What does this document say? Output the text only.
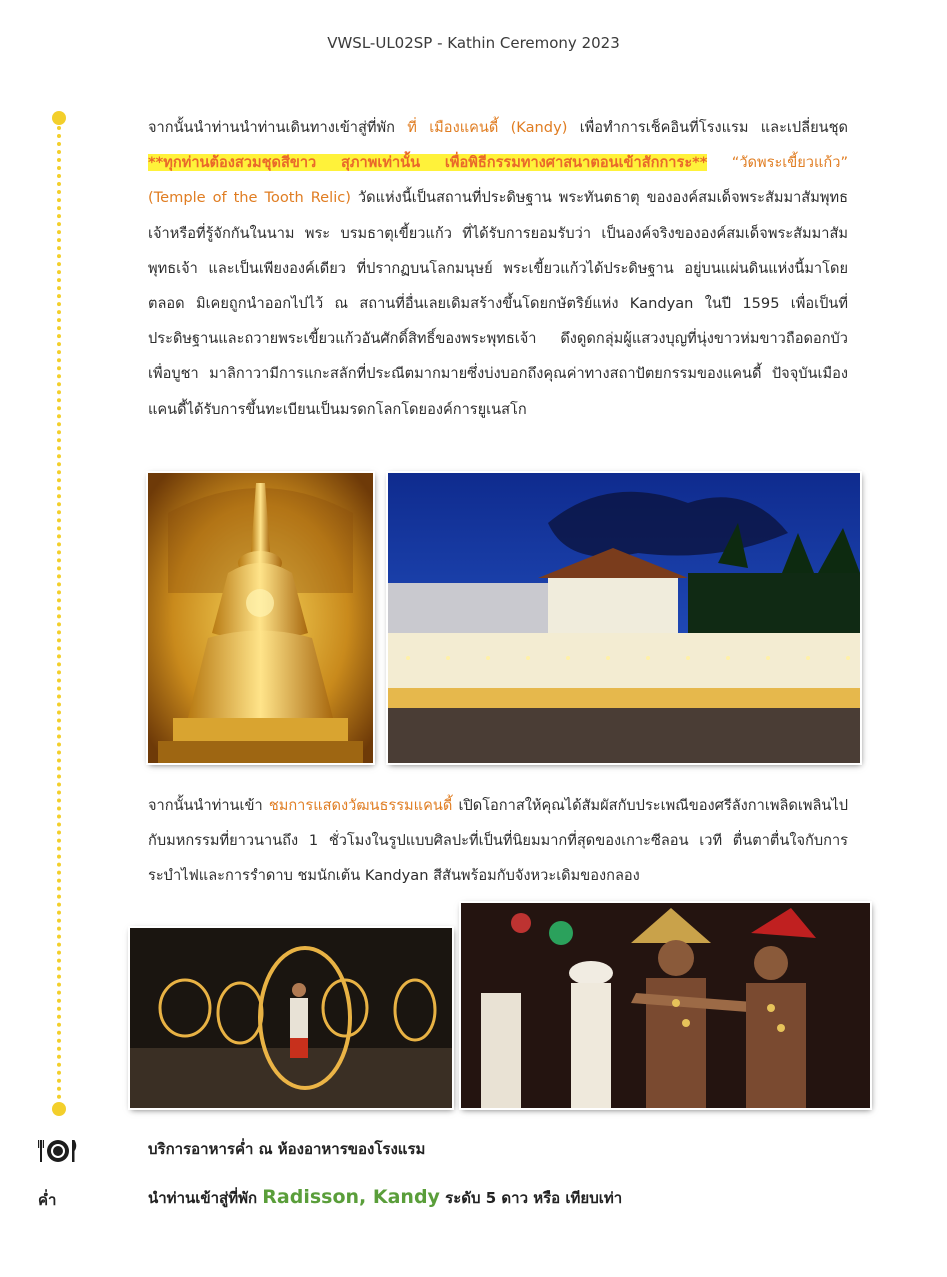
VWSL-UL02SP - Kathin Ceremony 2023
จากนั้นนำท่านนำท่านเดินทางเข้าสู่ที่พัก ที่ เมืองแคนดี้ (Kandy) เพื่อทำการเช็คอินที่โรงแรม และเปลี่ยนชุด **ทุกท่านต้องสวมชุดสีขาว สุภาพเท่านั้น เพื่อพิธีกรรมทางศาสนาตอนเข้าสักการะ** “วัดพระเขี้ยวแก้ว” (Temple of the Tooth Relic) วัดแห่งนี้เป็นสถานที่ประดิษฐาน พระทันตธาตุ ขององค์สมเด็จพระสัมมาสัมพุทธเจ้าหรือที่รู้จักกันในนาม พระ บรมธาตุเขี้ยวแก้ว ที่ได้รับการยอมรับว่า เป็นองค์จริงขององค์สมเด็จพระสัมมาสัมพุทธเจ้า และเป็นเพียงองค์เดียว ที่ปรากฏบนโลกมนุษย์ พระเขี้ยวแก้วได้ประดิษฐาน อยู่บนแผ่นดินแห่งนี้มาโดยตลอด มิเคยถูกนำออกไปไว้ ณ สถานที่อื่นเลยเดิมสร้างขึ้นโดยกษัตริย์แห่ง Kandyan ในปี 1595 เพื่อเป็นที่ประดิษฐานและถวายพระเขี้ยวแก้วอันศักดิ์สิทธิ์ของพระพุทธเจ้า ดึงดูดกลุ่มผู้แสวงบุญที่นุ่งขาวห่มขาวถือดอกบัวเพื่อบูชา มาลิกาวามีการแกะสลักที่ประณีตมากมายซึ่งบ่งบอกถึงคุณค่าทางสถาปัตยกรรมของแคนดี้ ปัจจุบันเมืองแคนดี้ได้รับการขึ้นทะเบียนเป็นมรดกโลกโดยองค์การยูเนสโก
จากนั้นนำท่านเข้า ชมการแสดงวัฒนธรรมแคนดี้ เปิดโอกาสให้คุณได้สัมผัสกับประเพณีของศรีลังกาเพลิดเพลินไปกับมหกรรมที่ยาวนานถึง 1 ชั่วโมงในรูปแบบศิลปะที่เป็นที่นิยมมากที่สุดของเกาะซีลอน เวที ตื่นตาตื่นใจกับการระบำไฟและการรำดาบ ชมนักเต้น Kandyan สีสันพร้อมกับจังหวะเดิมของกลอง
บริการอาหารค่ำ ณ ห้องอาหารของโรงแรม
ค่ำ	นำท่านเข้าสู่ที่พัก Radisson, Kandy ระดับ 5 ดาว หรือ เทียบเท่า
